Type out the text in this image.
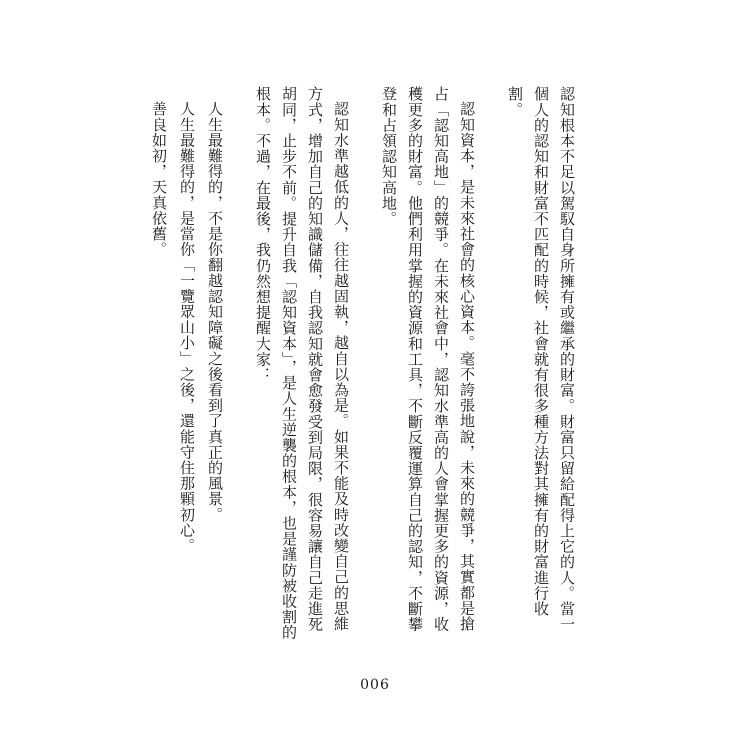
認知根本不足以駕馭自身所擁有或繼承的財富。財富只留給配得上它的人。當一個人的認知和財富不匹配的時候，社會就有很多種方法對其擁有的財富進行收割。

認知資本，是未來社會的核心資本。毫不誇張地說，未來的競爭，其實都是搶占「認知高地」的競爭。在未來社會中，認知水準高的人會掌握更多的資源，收穫更多的財富。他們利用掌握的資源和工具，不斷反覆運算自己的認知，不斷攀登和占領認知高地。

認知水準越低的人，往往越固執，越自以為是。如果不能及時改變自己的思維方式，增加自己的知識儲備，自我認知就會愈發受到局限，很容易讓自己走進死胡同，止步不前。提升自我「認知資本」，是人生逆襲的根本，也是謹防被收割的根本。不過，在最後，我仍然想提醒大家：

人生最難得的，不是你翻越認知障礙之後看到了真正的風景。

人生最難得的，是當你「一覽眾山小」之後，還能守住那顆初心。

善良如初，天真依舊。

006
